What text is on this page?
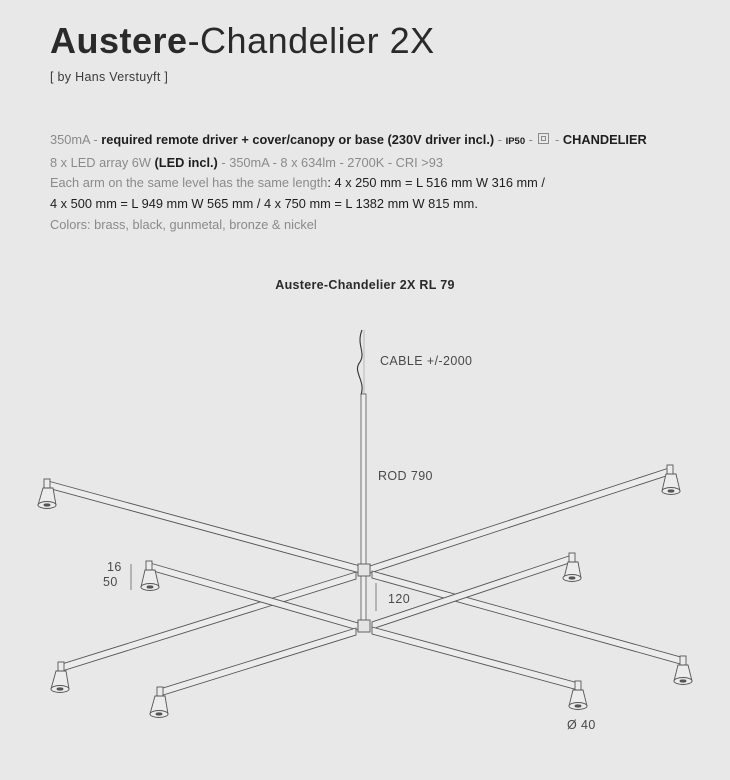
Austere-Chandelier 2X
[ by Hans Verstuyft ]
350mA - required remote driver + cover/canopy or base (230V driver incl.) - IP50 -  - CHANDELIER
8 x LED array 6W (LED incl.) - 350mA - 8 x 634lm - 2700K - CRI >93
Each arm on the same level has the same length: 4 x 250 mm = L 516 mm W 316 mm /
4 x 500 mm = L 949 mm W 565 mm / 4 x 750 mm = L 1382 mm W 815 mm.
Colors: brass, black, gunmetal, bronze & nickel
Austere-Chandelier 2X RL 79
CABLE +/-2000
ROD 790
120
16
50
Ø 40
